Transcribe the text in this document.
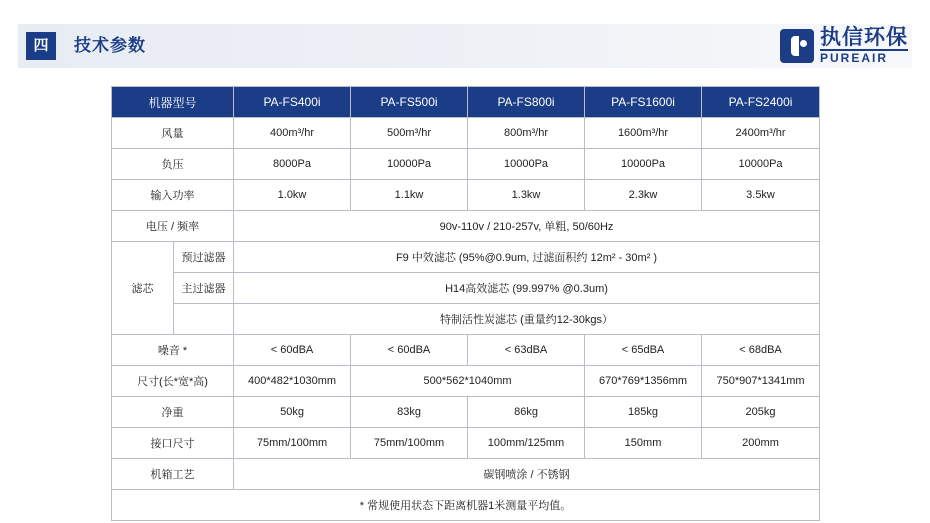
四	技术参数	执信环保
PUREAIR
机器型号		PA-FS400i	PA-FS500i	PA-FS800i	PA-FS1600i	PA-FS2400i
风量		400m³/hr	500m³/hr	800m³/hr	1600m³/hr	2400m³/hr
负压		8000Pa	10000Pa	10000Pa	10000Pa	10000Pa
输入功率		1.0kw	1.1kw	1.3kw	2.3kw	3.5kw
电压 / 频率		90v-110v / 210-257v, 单粗, 50/60Hz				
滤芯	预过滤器	F9 中效滤芯 (95%@0.9um, 过滤面积约 12m² - 30m² )				
	主过滤器	H14高效滤芯 (99.997% @0.3um)				
		特制活性炭滤芯 (重量约12-30kgs）				
噪音 *		< 60dBA	< 60dBA	< 63dBA	< 65dBA	< 68dBA
尺寸(长*宽*高)		400*482*1030mm	500*562*1040mm		670*769*1356mm	750*907*1341mm
净重		50kg	83kg	86kg	185kg	205kg
接口尺寸		75mm/100mm	75mm/100mm	100mm/125mm	150mm	200mm
机箱工艺		碳钢喷涂 / 不锈钢				
* 常规使用状态下距离机器1米测量平均值。						
